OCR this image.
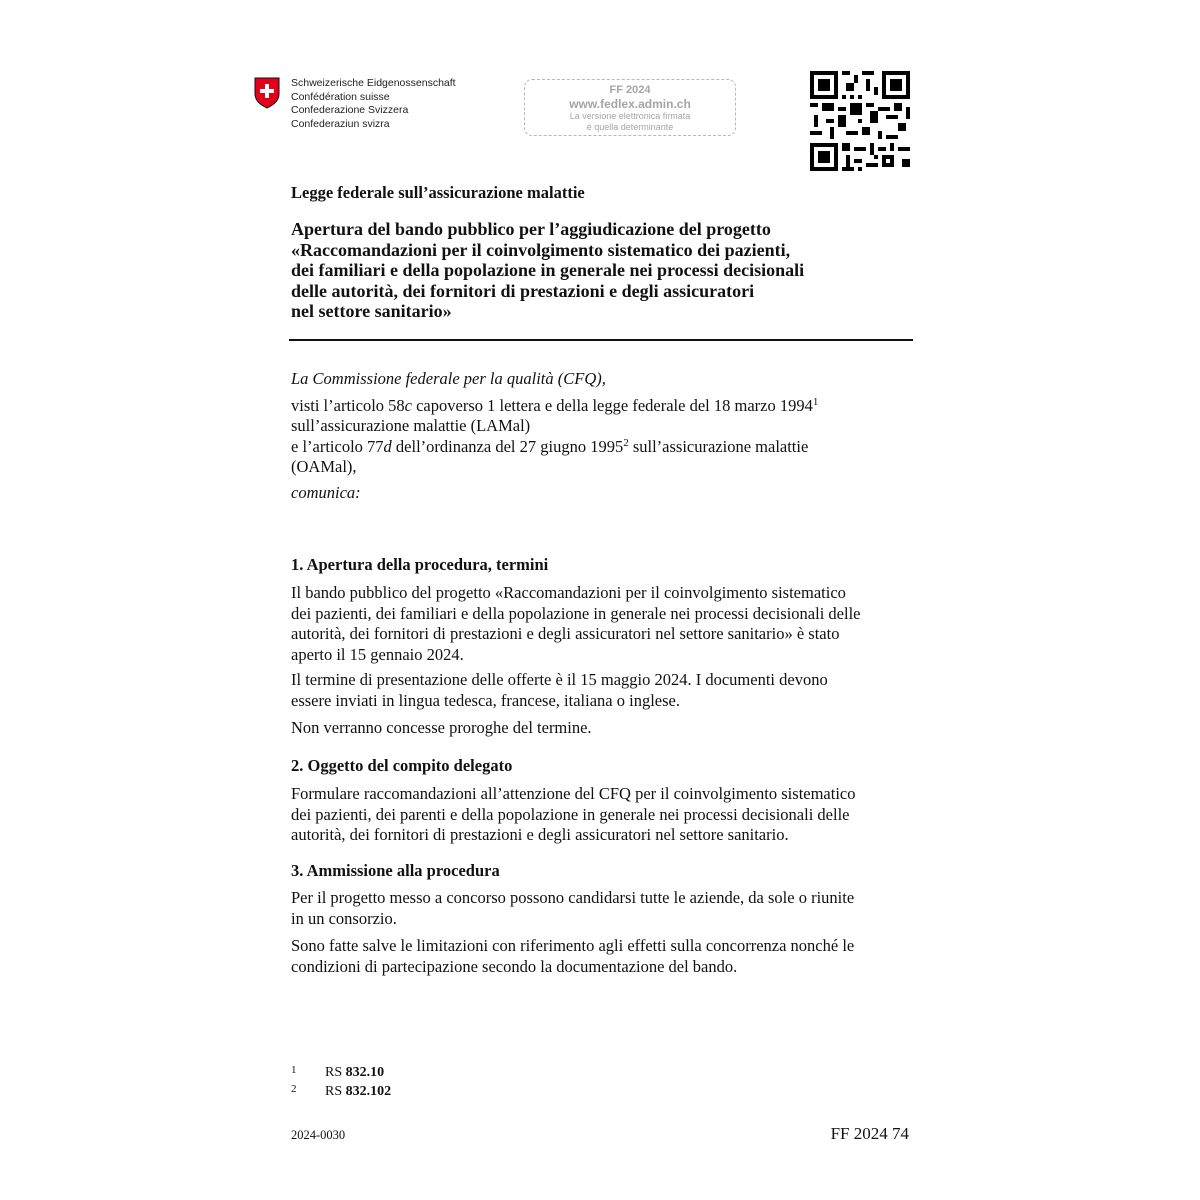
Schweizerische Eidgenossenschaft
Confédération suisse
Confederazione Svizzera
Confederaziun svizra
FF 2024
www.fedlex.admin.ch
La versione elettronica firmata
è quella determinante
Legge federale sull’assicurazione malattie
Apertura del bando pubblico per l’aggiudicazione del progetto
«Raccomandazioni per il coinvolgimento sistematico dei pazienti,
dei familiari e della popolazione in generale nei processi decisionali
delle autorità, dei fornitori di prestazioni e degli assicuratori
nel settore sanitario»
La Commissione federale per la qualità (CFQ),
visti l’articolo 58c capoverso 1 lettera e della legge federale del 18 marzo 1994$^1$
sull’assicurazione malattie (LAMal)
e l’articolo 77d dell’ordinanza del 27 giugno 1995$^2$ sull’assicurazione malattie
(OAMal),
comunica:
1. Apertura della procedura, termini
Il bando pubblico del progetto «Raccomandazioni per il coinvolgimento sistematico
dei pazienti, dei familiari e della popolazione in generale nei processi decisionali delle
autorità, dei fornitori di prestazioni e degli assicuratori nel settore sanitario» è stato
aperto il 15 gennaio 2024.
Il termine di presentazione delle offerte è il 15 maggio 2024. I documenti devono
essere inviati in lingua tedesca, francese, italiana o inglese.
Non verranno concesse proroghe del termine.
2. Oggetto del compito delegato
Formulare raccomandazioni all’attenzione del CFQ per il coinvolgimento sistematico
dei pazienti, dei parenti e della popolazione in generale nei processi decisionali delle
autorità, dei fornitori di prestazioni e degli assicuratori nel settore sanitario.
3. Ammissione alla procedura
Per il progetto messo a concorso possono candidarsi tutte le aziende, da sole o riunite
in un consorzio.
Sono fatte salve le limitazioni con riferimento agli effetti sulla concorrenza nonché le
condizioni di partecipazione secondo la documentazione del bando.
1 RS 832.10
2 RS 832.102
2024-0030	FF 2024 74
